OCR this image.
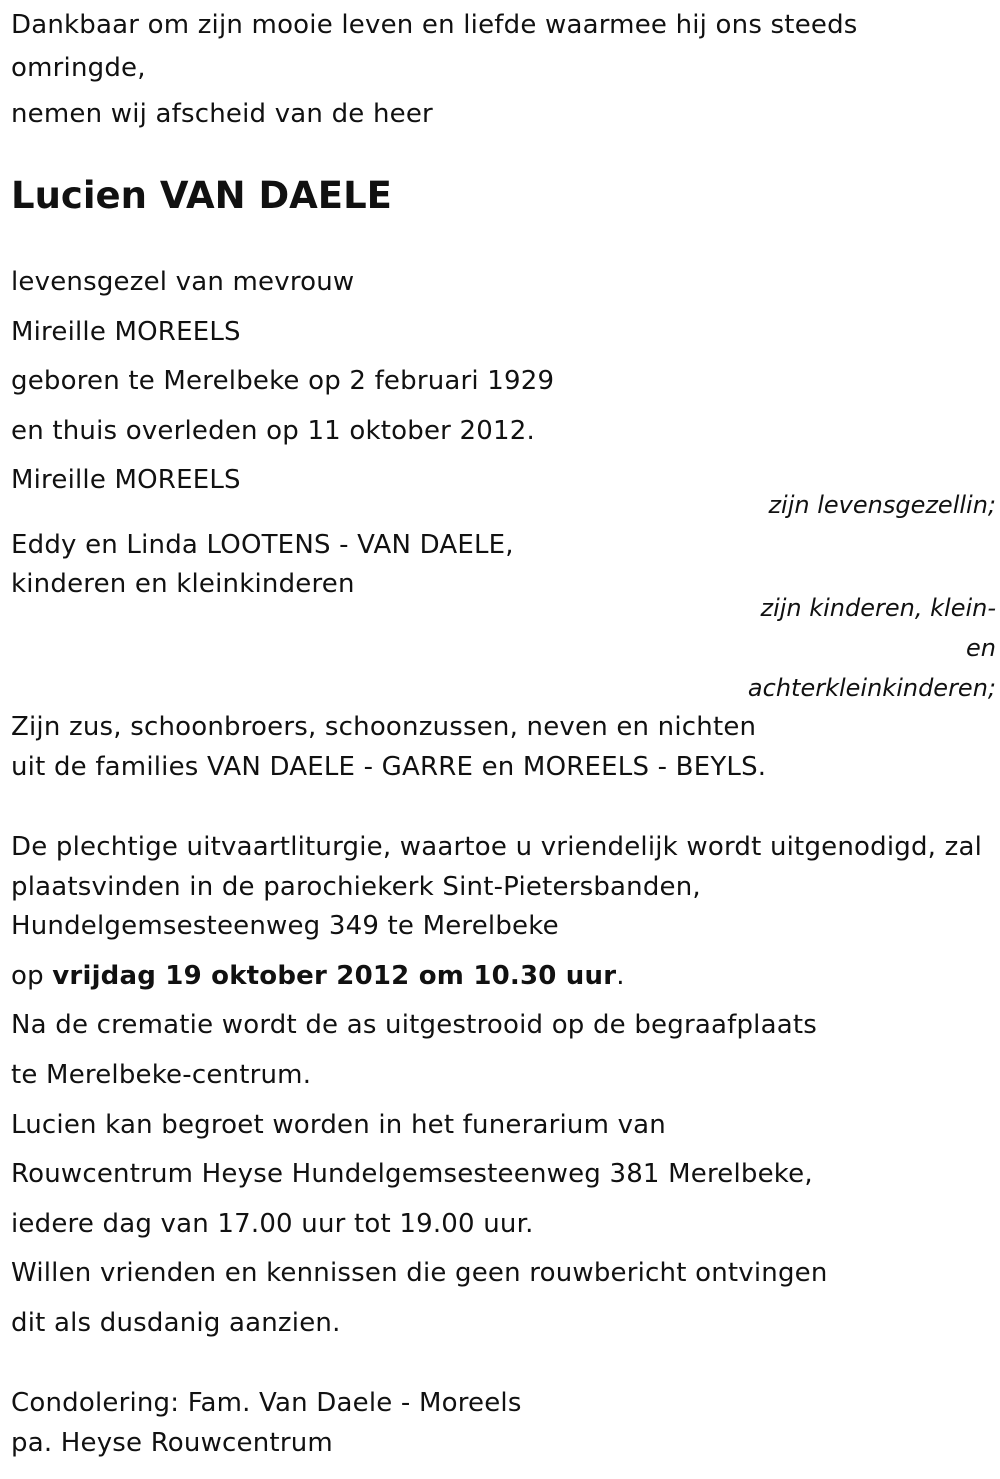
Dankbaar om zijn mooie leven en liefde waarmee hij ons steeds
omringde,
nemen wij afscheid van de heer
Lucien VAN DAELE
levensgezel van mevrouw
Mireille MOREELS
geboren te Merelbeke op 2 februari 1929
en thuis overleden op 11 oktober 2012.
Mireille MOREELS
zijn levensgezellin;
Eddy en Linda LOOTENS - VAN DAELE,
kinderen en kleinkinderen
zijn kinderen, klein-
en
achterkleinkinderen;
Zijn zus, schoonbroers, schoonzussen, neven en nichten
uit de families VAN DAELE - GARRE en MOREELS - BEYLS.
De plechtige uitvaartliturgie, waartoe u vriendelijk wordt uitgenodigd, zal
plaatsvinden in de parochiekerk Sint-Pietersbanden,
Hundelgemsesteenweg 349 te Merelbeke
op vrijdag 19 oktober 2012 om 10.30 uur.
Na de crematie wordt de as uitgestrooid op de begraafplaats
te Merelbeke-centrum.
Lucien kan begroet worden in het funerarium van
Rouwcentrum Heyse Hundelgemsesteenweg 381 Merelbeke,
iedere dag van 17.00 uur tot 19.00 uur.
Willen vrienden en kennissen die geen rouwbericht ontvingen
dit als dusdanig aanzien.
Condolering: Fam. Van Daele - Moreels
pa. Heyse Rouwcentrum
